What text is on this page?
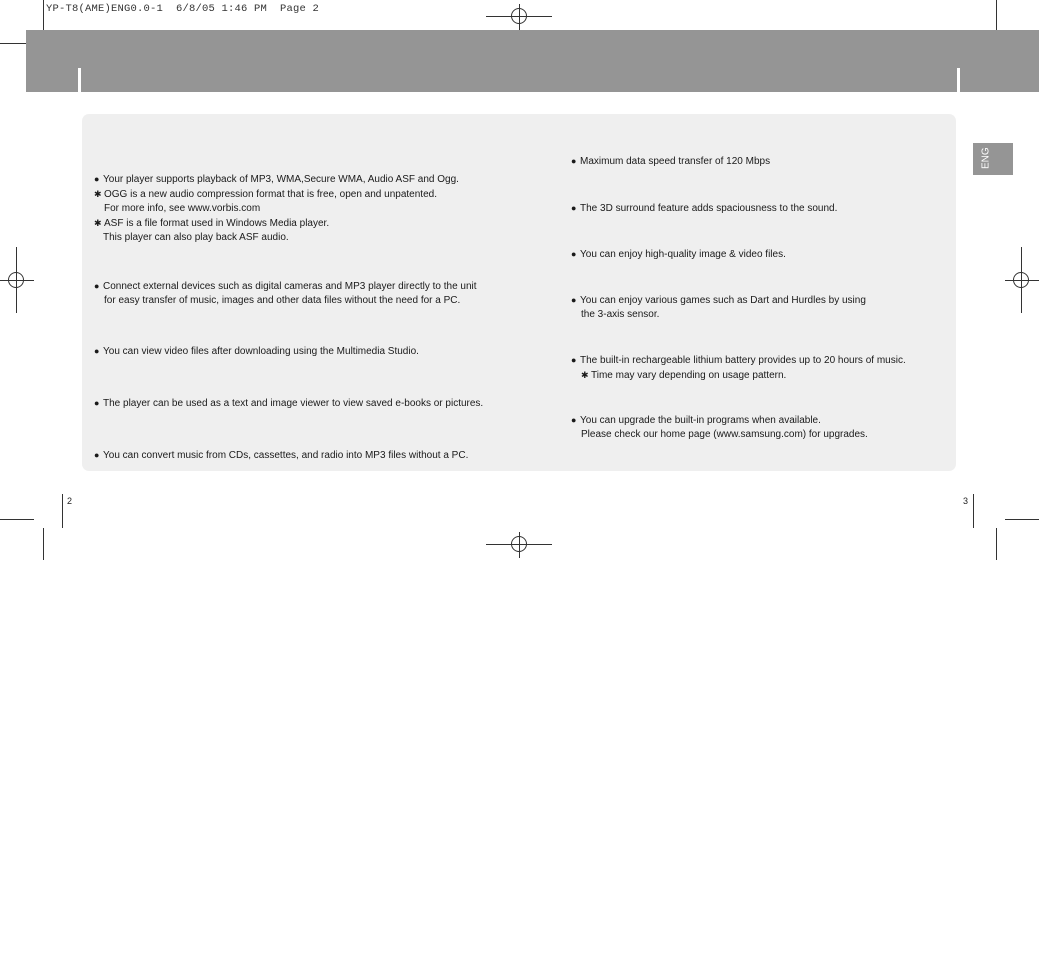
YP-T8(AME)ENG0.0-1  6/8/05 1:46 PM  Page 2
ENG
● Your player supports playback of MP3, WMA,Secure WMA, Audio ASF and Ogg.
✱ OGG is a new audio compression format that is free, open and unpatented.
For more info, see www.vorbis.com
✱ ASF is a file format used in Windows Media player.
This player can also play back ASF audio.
● Connect external devices such as digital cameras and MP3 player directly to the unit
for easy transfer of music, images and other data files without the need for a PC.
● You can view video files after downloading using the Multimedia Studio.
● The player can be used as a text and image viewer to view saved e-books or pictures.
● You can convert music from CDs, cassettes, and radio into MP3 files without a PC.
● Maximum data speed transfer of 120 Mbps
● The 3D surround feature adds spaciousness to the sound.
● You can enjoy high-quality image & video files.
● You can enjoy various games such as Dart and Hurdles by using
the 3-axis sensor.
● The built-in rechargeable lithium battery provides up to 20 hours of music.
✱ Time may vary depending on usage pattern.
● You can upgrade the built-in programs when available.
Please check our home page (www.samsung.com) for upgrades.
2	3
